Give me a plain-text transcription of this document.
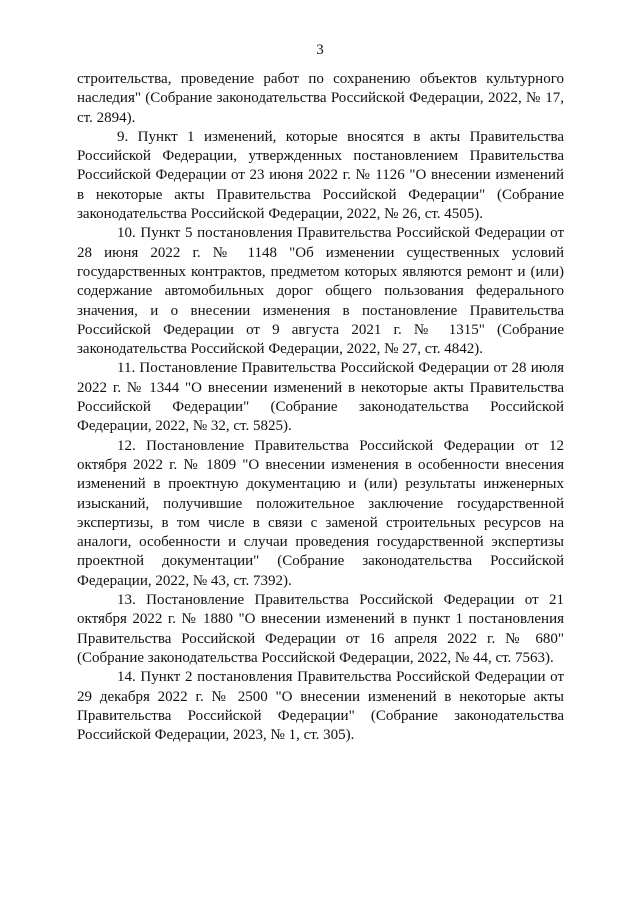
3

строительства, проведение работ по сохранению объектов культурного наследия" (Собрание законодательства Российской Федерации, 2022, № 17, ст. 2894).

9. Пункт 1 изменений, которые вносятся в акты Правительства Российской Федерации, утвержденных постановлением Правительства Российской Федерации от 23 июня 2022 г. № 1126 "О внесении изменений в некоторые акты Правительства Российской Федерации" (Собрание законодательства Российской Федерации, 2022, № 26, ст. 4505).

10. Пункт 5 постановления Правительства Российской Федерации от 28 июня 2022 г. № 1148 "Об изменении существенных условий государственных контрактов, предметом которых являются ремонт и (или) содержание автомобильных дорог общего пользования федерального значения, и о внесении изменения в постановление Правительства Российской Федерации от 9 августа 2021 г. № 1315" (Собрание законодательства Российской Федерации, 2022, № 27, ст. 4842).

11. Постановление Правительства Российской Федерации от 28 июля 2022 г. № 1344 "О внесении изменений в некоторые акты Правительства Российской Федерации" (Собрание законодательства Российской Федерации, 2022, № 32, ст. 5825).

12. Постановление Правительства Российской Федерации от 12 октября 2022 г. № 1809 "О внесении изменения в особенности внесения изменений в проектную документацию и (или) результаты инженерных изысканий, получившие положительное заключение государственной экспертизы, в том числе в связи с заменой строительных ресурсов на аналоги, особенности и случаи проведения государственной экспертизы проектной документации" (Собрание законодательства Российской Федерации, 2022, № 43, ст. 7392).

13. Постановление Правительства Российской Федерации от 21 октября 2022 г. № 1880 "О внесении изменений в пункт 1 постановления Правительства Российской Федерации от 16 апреля 2022 г. № 680" (Собрание законодательства Российской Федерации, 2022, № 44, ст. 7563).

14. Пункт 2 постановления Правительства Российской Федерации от 29 декабря 2022 г. № 2500 "О внесении изменений в некоторые акты Правительства Российской Федерации" (Собрание законодательства Российской Федерации, 2023, № 1, ст. 305).
